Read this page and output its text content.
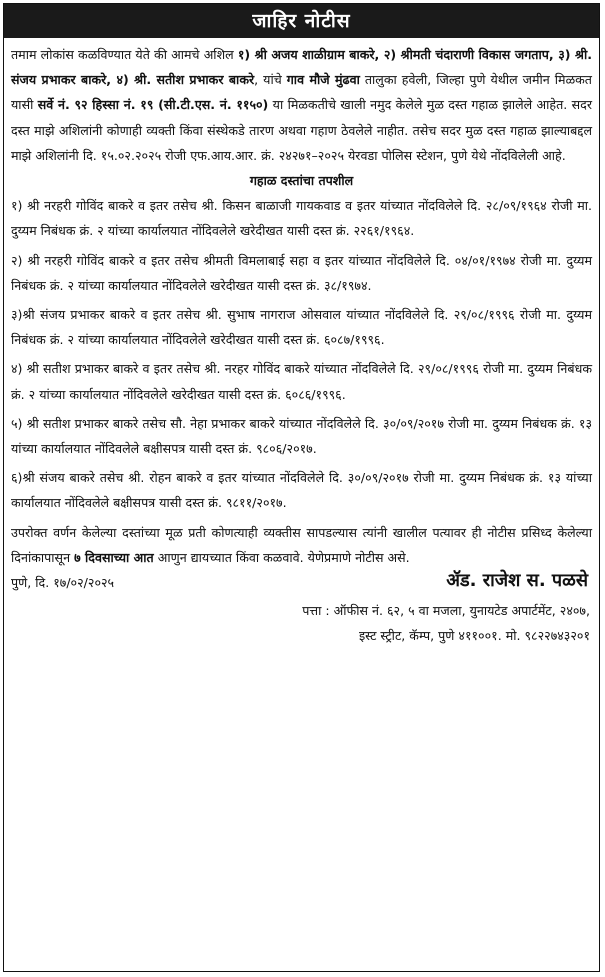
जाहिर नोटीस

तमाम लोकांस कळविण्यात येते की आमचे अशिल १) श्री अजय शाळीग्राम बाकरे, २) श्रीमती चंदाराणी विकास जगताप, ३) श्री. संजय प्रभाकर बाकरे, ४) श्री. सतीश प्रभाकर बाकरे, यांचे गाव मौजे मुंढवा तालुका हवेली, जिल्हा पुणे येथील जमीन मिळकत यासी सर्वे नं. ९२ हिस्सा नं. १९ (सी.टी.एस. नं. ११५०) या मिळकतीचे खाली नमुद केलेले मुळ दस्त गहाळ झालेले आहेत. सदर दस्त माझे अशिलांनी कोणाही व्यक्ती किंवा संस्थेकडे तारण अथवा गहाण ठेवलेले नाहीत. तसेच सदर मुळ दस्त गहाळ झाल्याबद्दल माझे अशिलांनी दि. १५.०२.२०२५ रोजी एफ.आय.आर. क्रं. २४२७१–२०२५ येरवडा पोलिस स्टेशन, पुणे येथे नोंदविलेली आहे.

गहाळ दस्तांचा तपशील

१) श्री नरहरी गोविंद बाकरे व इतर तसेच श्री. किसन बाळाजी गायकवाड व इतर यांच्यात नोंदविलेले दि. २८/०९/१९६४ रोजी मा. दुय्यम निबंधक क्रं. २ यांच्या कार्यालयात नोंदिवलेले खरेदीखत यासी दस्त क्रं. २२६१/१९६४.

२) श्री नरहरी गोविंद बाकरे व इतर तसेच श्रीमती विमलाबाई सहा व इतर यांच्यात नोंदविलेले दि. ०४/०१/१९७४ रोजी मा. दुय्यम निबंधक क्रं. २ यांच्या कार्यालयात नोंदिवलेले खरेदीखत यासी दस्त क्रं. ३८/१९७४.

३)श्री संजय प्रभाकर बाकरे व इतर तसेच श्री. सुभाष नागराज ओसवाल यांच्यात नोंदविलेले दि. २९/०८/१९९६ रोजी मा. दुय्यम निबंधक क्रं. २ यांच्या कार्यालयात नोंदिवलेले खरेदीखत यासी दस्त क्रं. ६०८७/१९९६.

४) श्री सतीश प्रभाकर बाकरे व इतर तसेच श्री. नरहर गोविंद बाकरे यांच्यात नोंदविलेले दि. २९/०८/१९९६ रोजी मा. दुय्यम निबंधक क्रं. २ यांच्या कार्यालयात नोंदिवलेले खरेदीखत यासी दस्त क्रं. ६०८६/१९९६.

५) श्री सतीश प्रभाकर बाकरे तसेच सौ. नेहा प्रभाकर बाकरे यांच्यात नोंदविलेले दि. ३०/०९/२०१७ रोजी मा. दुय्यम निबंधक क्रं. १३ यांच्या कार्यालयात नोंदिवलेले बक्षीसपत्र यासी दस्त क्रं. ९८०६/२०१७.

६)श्री संजय बाकरे तसेच श्री. रोहन बाकरे व इतर यांच्यात नोंदविलेले दि. ३०/०९/२०१७ रोजी मा. दुय्यम निबंधक क्रं. १३ यांच्या कार्यालयात नोंदिवलेले बक्षीसपत्र यासी दस्त क्रं. ९८११/२०१७.

उपरोक्त वर्णन केलेल्या दस्तांच्या मूळ प्रती कोणत्याही व्यक्तीस सापडल्यास त्यांनी खालील पत्यावर ही नोटीस प्रसिध्द केलेल्या दिनांकापासून ७ दिवसाच्या आत आणुन द्यायच्यात किंवा कळवावे. येणेप्रमाणे नोटीस असे.

पुणे, दि. १७/०२/२०२५	ॲड. राजेश स. पळसे

पत्ता : ऑफीस नं. ६२, ५ वा मजला, युनायटेड अपार्टमेंट, २४०७,

इस्ट स्ट्रीट, कॅम्प, पुणे ४११००१. मो. ९८२२७४३२०१
